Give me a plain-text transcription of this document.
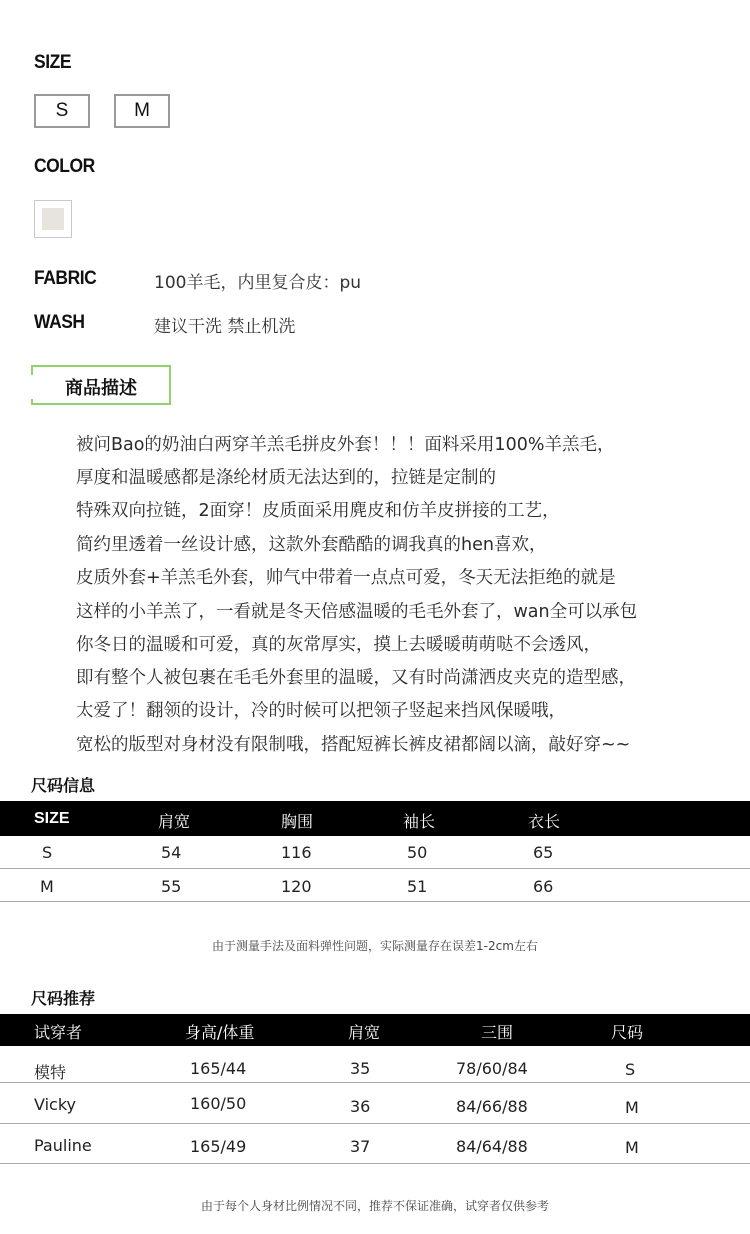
SIZE
S	M
COLOR
FABRIC	100羊毛，内里复合皮：pu
WASH	建议干洗 禁止机洗
商品描述

被问Bao的奶油白两穿羊羔毛拼皮外套！！！面料采用100%羊羔毛，

厚度和温暖感都是涤纶材质无法达到的，拉链是定制的

特殊双向拉链，2面穿！皮质面采用麂皮和仿羊皮拼接的工艺，

简约里透着一丝设计感，这款外套酷酷的调我真的hen喜欢，

皮质外套+羊羔毛外套，帅气中带着一点点可爱，冬天无法拒绝的就是

这样的小羊羔了，一看就是冬天倍感温暖的毛毛外套了，wan全可以承包

你冬日的温暖和可爱，真的灰常厚实，摸上去暖暖萌萌哒不会透风，

即有整个人被包裹在毛毛外套里的温暖，又有时尚潇洒皮夹克的造型感，

太爱了！翻领的设计，冷的时候可以把领子竖起来挡风保暖哦，

宽松的版型对身材没有限制哦，搭配短裤长裤皮裙都阔以滴，敲好穿~~

尺码信息
SIZE	肩宽	胸围	袖长	衣长
S	54	116	50	65
M	55	120	51	66
由于测量手法及面料弹性问题，实际测量存在误差1-2cm左右
尺码推荐
试穿者	身高/体重	肩宽	三围	尺码
模特	165/44	35	78/60/84	S
Vicky	160/50	36	84/66/88	M
Pauline	165/49	37	84/64/88	M
由于每个人身材比例情况不同，推荐不保证准确，试穿者仅供参考
